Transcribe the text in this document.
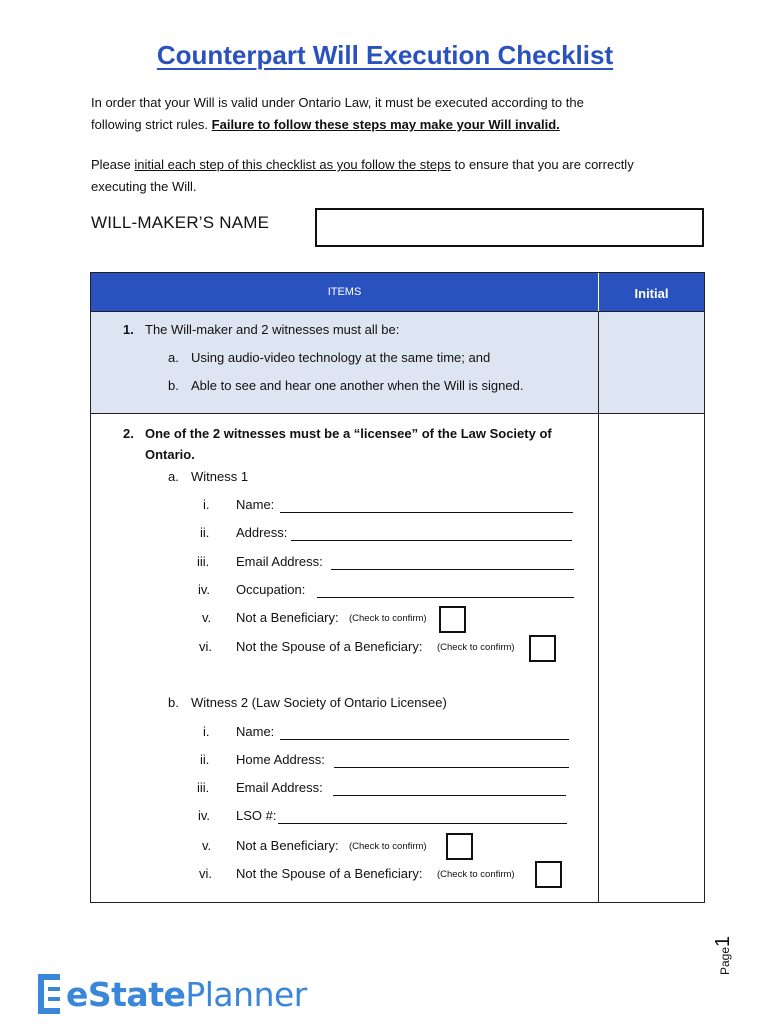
Counterpart Will Execution Checklist
In order that your Will is valid under Ontario Law, it must be executed according to the
following strict rules. Failure to follow these steps may make your Will invalid.
Please initial each step of this checklist as you follow the steps to ensure that you are correctly
executing the Will.
WILL-MAKER’S NAME
ITEMS	Initial
1. The Will-maker and 2 witnesses must all be:
a. Using audio-video technology at the same time; and
b. Able to see and hear one another when the Will is signed.
2. One of the 2 witnesses must be a “licensee” of the Law Society of
Ontario.
a. Witness 1
i. Name:
ii. Address:
iii. Email Address:
iv. Occupation:
v. Not a Beneficiary: (Check to confirm)
vi. Not the Spouse of a Beneficiary: (Check to confirm)
b. Witness 2 (Law Society of Ontario Licensee)
i. Name:
ii. Home Address:
iii. Email Address:
iv. LSO #:
v. Not a Beneficiary: (Check to confirm)
vi. Not the Spouse of a Beneficiary: (Check to confirm)
Page1
eStatePlanner
